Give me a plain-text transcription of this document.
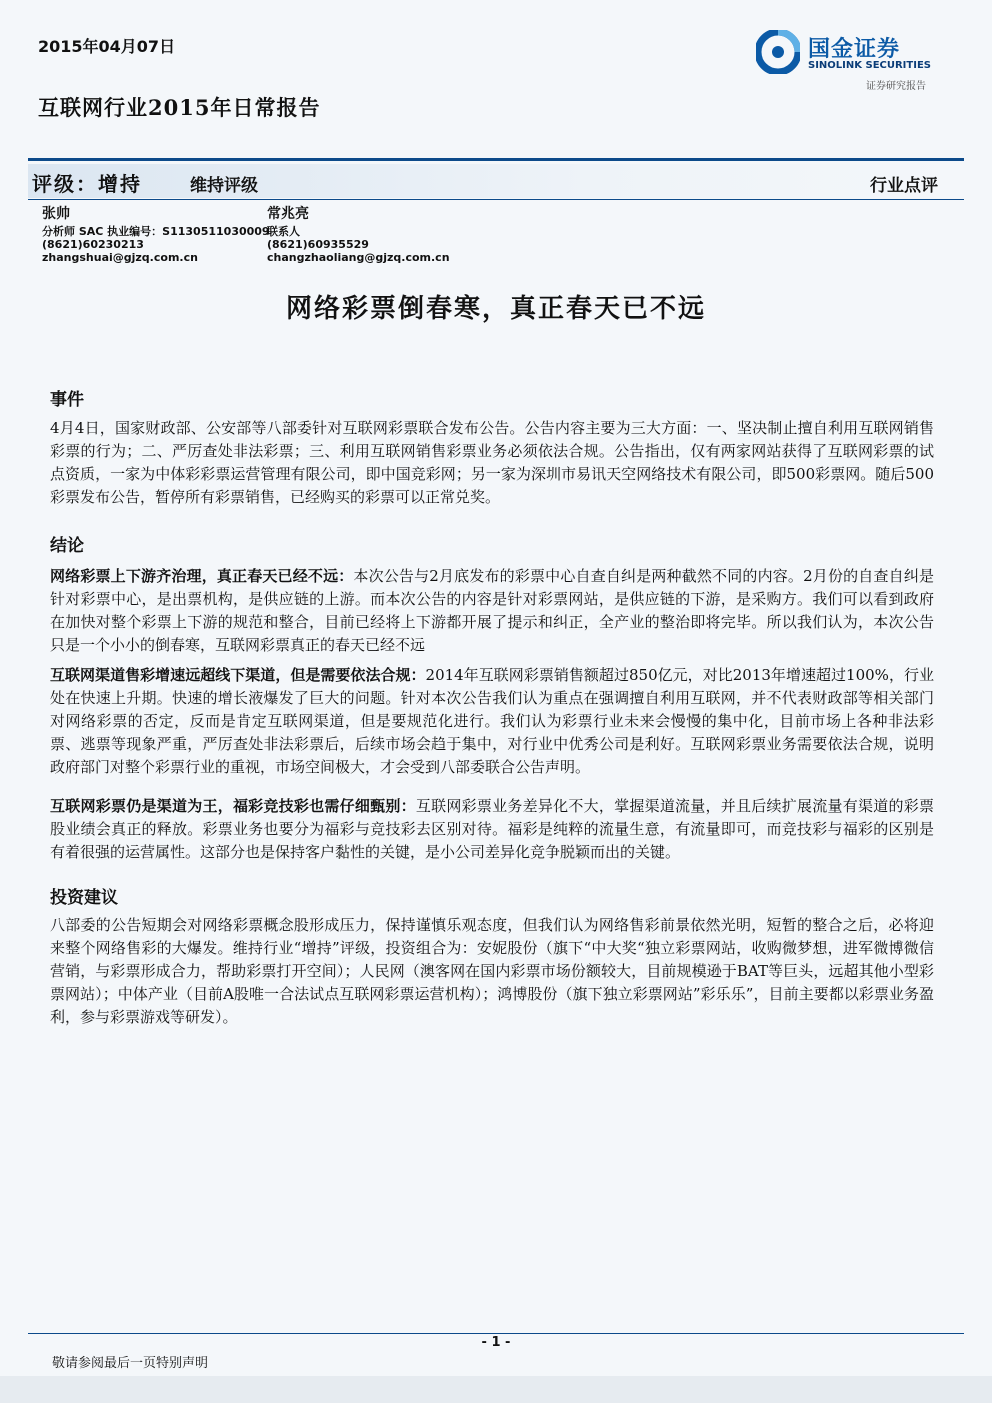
2015年04月07日	国金证券
SINOLINK SECURITIES
证券研究报告
互联网行业2015年日常报告
评级：增持	维持评级	行业点评
张帅
分析师 SAC 执业编号：S1130511030009
(8621)60230213
zhangshuai@gjzq.com.cn
常兆亮
联系人
(8621)60935529
changzhaoliang@gjzq.com.cn
网络彩票倒春寒，真正春天已不远
事件
4月4日，国家财政部、公安部等八部委针对互联网彩票联合发布公告。公告内容主要为三大方面：一、坚决制止擅自利用互联网销售彩票的行为；二、严厉查处非法彩票；三、利用互联网销售彩票业务必须依法合规。公告指出，仅有两家网站获得了互联网彩票的试点资质，一家为中体彩彩票运营管理有限公司，即中国竞彩网；另一家为深圳市易讯天空网络技术有限公司，即500彩票网。随后500彩票发布公告，暂停所有彩票销售，已经购买的彩票可以正常兑奖。
结论
网络彩票上下游齐治理，真正春天已经不远：本次公告与2月底发布的彩票中心自查自纠是两种截然不同的内容。2月份的自查自纠是针对彩票中心，是出票机构，是供应链的上游。而本次公告的内容是针对彩票网站，是供应链的下游，是采购方。我们可以看到政府在加快对整个彩票上下游的规范和整合，目前已经将上下游都开展了提示和纠正，全产业的整治即将完毕。所以我们认为，本次公告只是一个小小的倒春寒，互联网彩票真正的春天已经不远
互联网渠道售彩增速远超线下渠道，但是需要依法合规：2014年互联网彩票销售额超过850亿元，对比2013年增速超过100%，行业处在快速上升期。快速的增长液爆发了巨大的问题。针对本次公告我们认为重点在强调擅自利用互联网，并不代表财政部等相关部门对网络彩票的否定，反而是肯定互联网渠道，但是要规范化进行。我们认为彩票行业未来会慢慢的集中化，目前市场上各种非法彩票、逃票等现象严重，严厉查处非法彩票后，后续市场会趋于集中，对行业中优秀公司是利好。互联网彩票业务需要依法合规，说明政府部门对整个彩票行业的重视，市场空间极大，才会受到八部委联合公告声明。
互联网彩票仍是渠道为王，福彩竞技彩也需仔细甄别：互联网彩票业务差异化不大，掌握渠道流量，并且后续扩展流量有渠道的彩票股业绩会真正的释放。彩票业务也要分为福彩与竞技彩去区别对待。福彩是纯粹的流量生意，有流量即可，而竞技彩与福彩的区别是有着很强的运营属性。这部分也是保持客户黏性的关键，是小公司差异化竞争脱颖而出的关键。
投资建议
八部委的公告短期会对网络彩票概念股形成压力，保持谨慎乐观态度，但我们认为网络售彩前景依然光明，短暂的整合之后，必将迎来整个网络售彩的大爆发。维持行业“增持”评级，投资组合为：安妮股份（旗下“中大奖“独立彩票网站，收购微梦想，进军微博微信营销，与彩票形成合力，帮助彩票打开空间）；人民网（澳客网在国内彩票市场份额较大，目前规模逊于BAT等巨头，远超其他小型彩票网站）；中体产业（目前A股唯一合法试点互联网彩票运营机构）；鸿博股份（旗下独立彩票网站”彩乐乐”，目前主要都以彩票业务盈利，参与彩票游戏等研发）。
- 1 -
敬请参阅最后一页特别声明
